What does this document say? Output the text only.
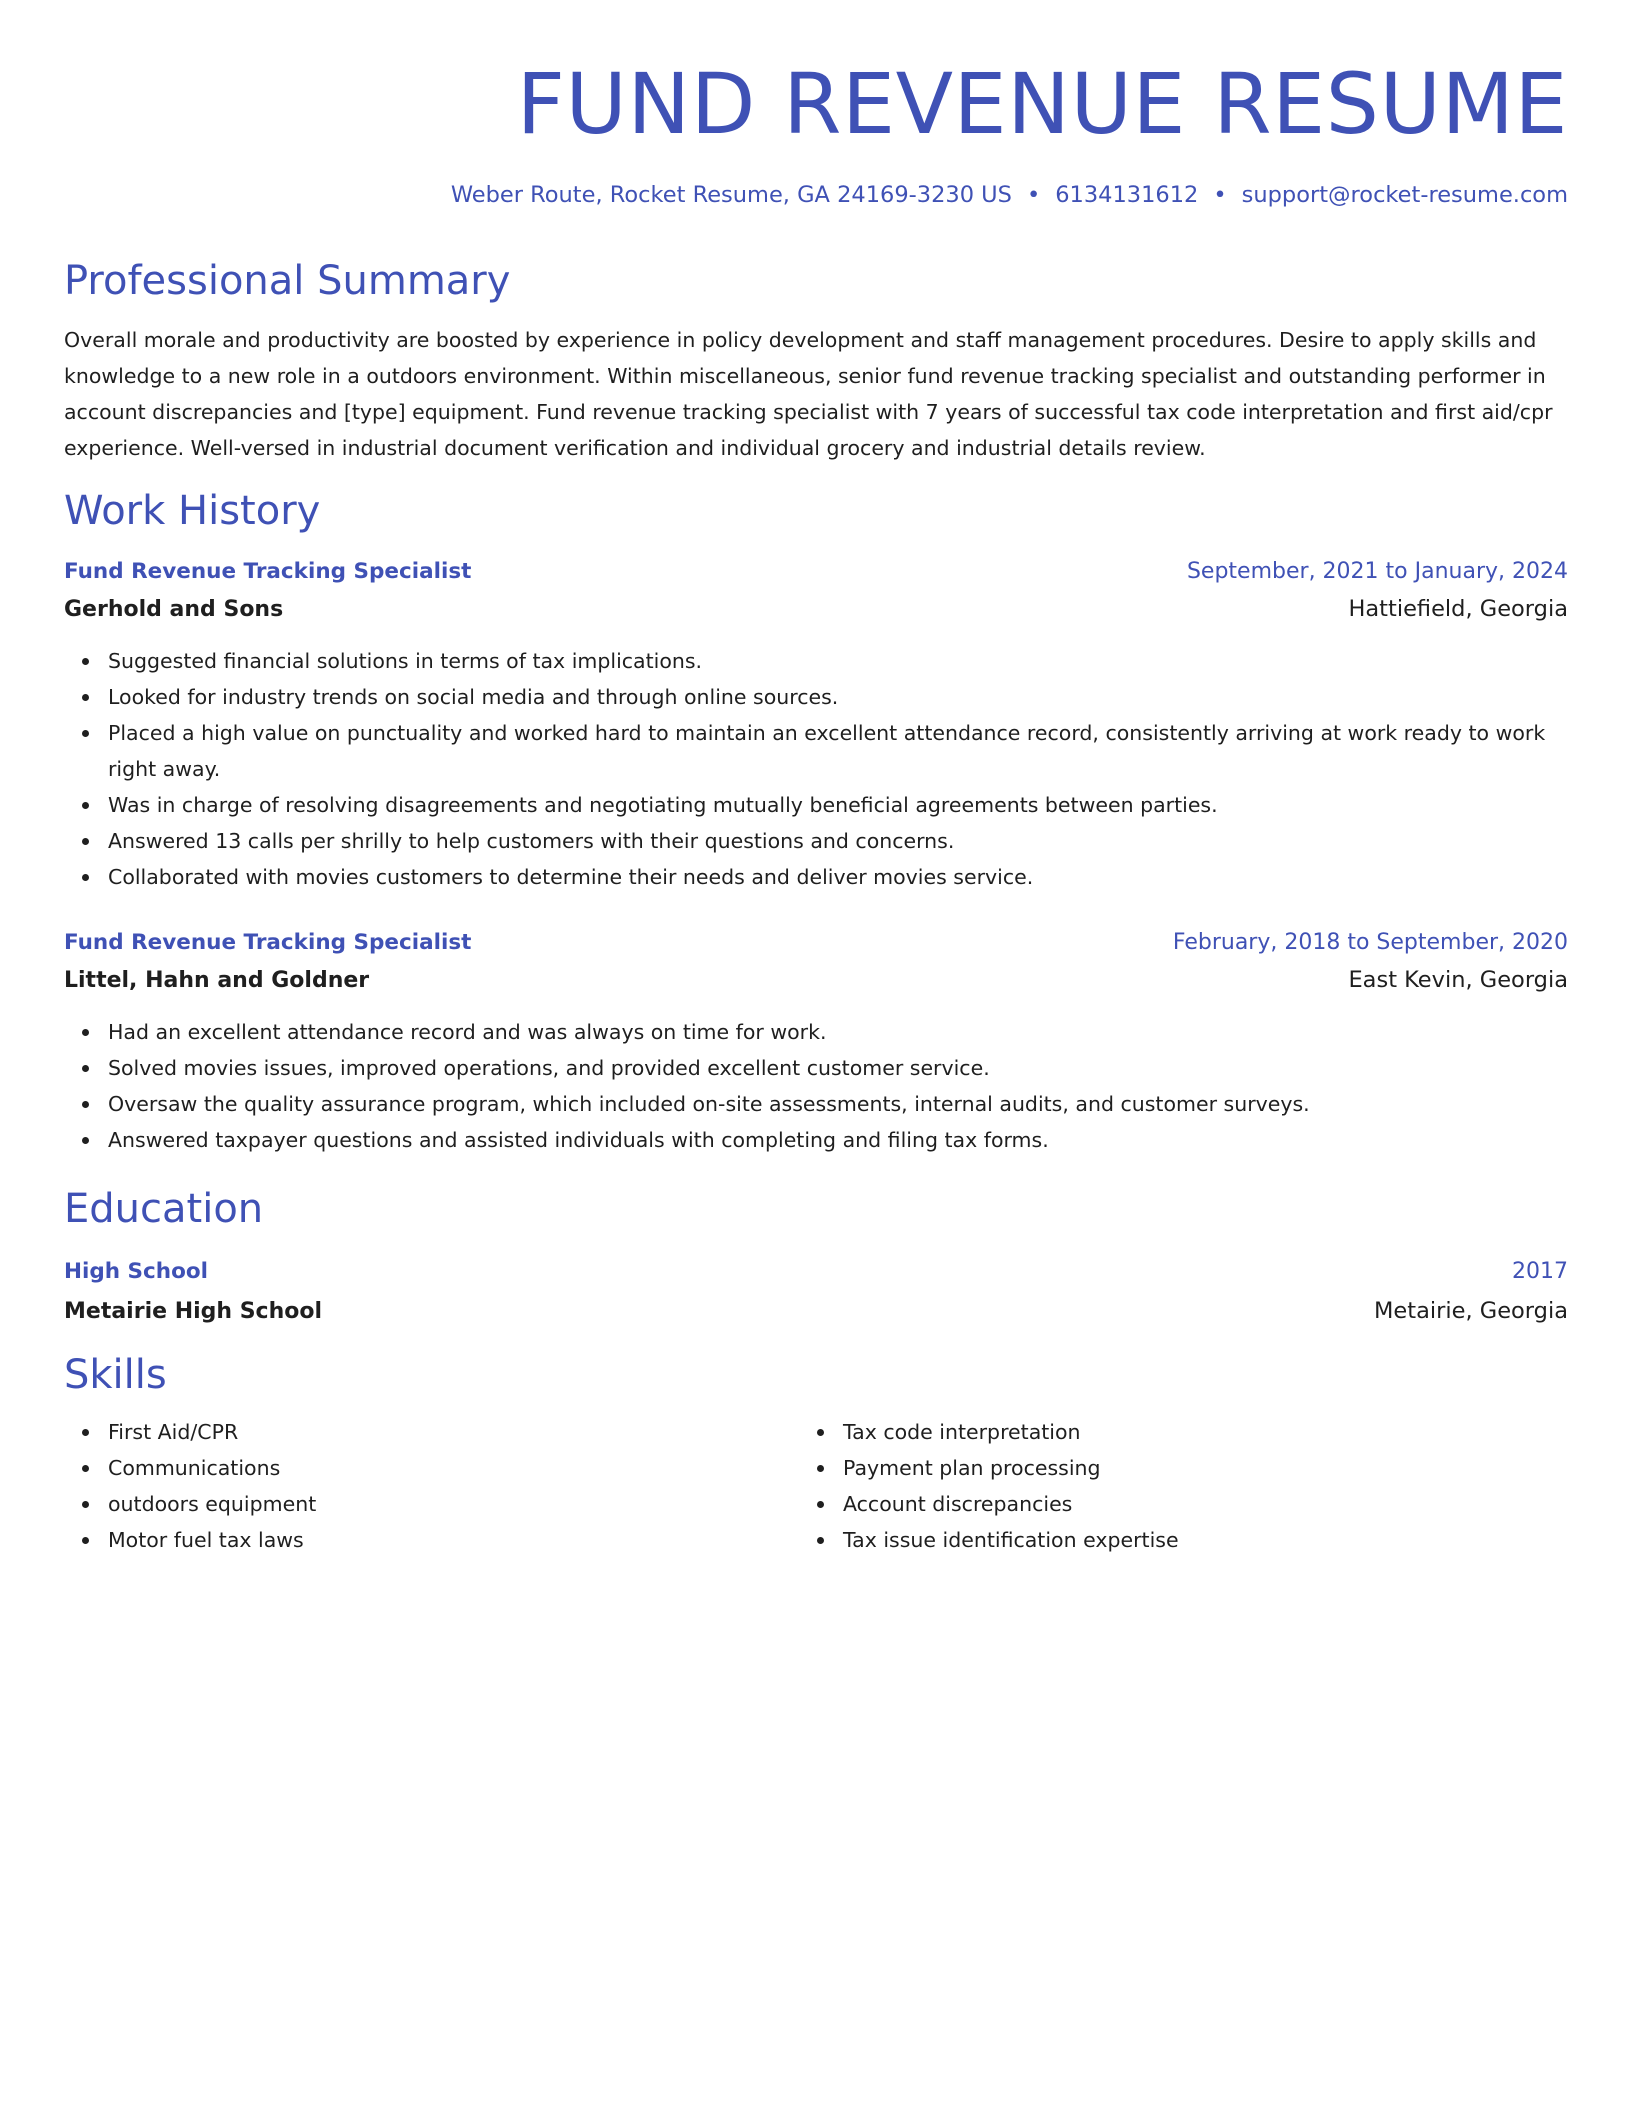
FUND REVENUE RESUME
Weber Route, Rocket Resume, GA 24169-3230 US • 6134131612 • support@rocket-resume.com
Professional Summary
Overall morale and productivity are boosted by experience in policy development and staff management procedures. Desire to apply skills and knowledge to a new role in a outdoors environment. Within miscellaneous, senior fund revenue tracking specialist and outstanding performer in account discrepancies and [type] equipment. Fund revenue tracking specialist with 7 years of successful tax code interpretation and first aid/cpr experience. Well-versed in industrial document verification and individual grocery and industrial details review.
Work History
Fund Revenue Tracking Specialist	September, 2021 to January, 2024
Gerhold and Sons	Hattiefield, Georgia
Suggested financial solutions in terms of tax implications.
Looked for industry trends on social media and through online sources.
Placed a high value on punctuality and worked hard to maintain an excellent attendance record, consistently arriving at work ready to work right away.
Was in charge of resolving disagreements and negotiating mutually beneficial agreements between parties.
Answered 13 calls per shrilly to help customers with their questions and concerns.
Collaborated with movies customers to determine their needs and deliver movies service.
Fund Revenue Tracking Specialist	February, 2018 to September, 2020
Littel, Hahn and Goldner	East Kevin, Georgia
Had an excellent attendance record and was always on time for work.
Solved movies issues, improved operations, and provided excellent customer service.
Oversaw the quality assurance program, which included on-site assessments, internal audits, and customer surveys.
Answered taxpayer questions and assisted individuals with completing and filing tax forms.
Education
High School	2017
Metairie High School	Metairie, Georgia
Skills
First Aid/CPR
Communications
outdoors equipment
Motor fuel tax laws
Tax code interpretation
Payment plan processing
Account discrepancies
Tax issue identification expertise
